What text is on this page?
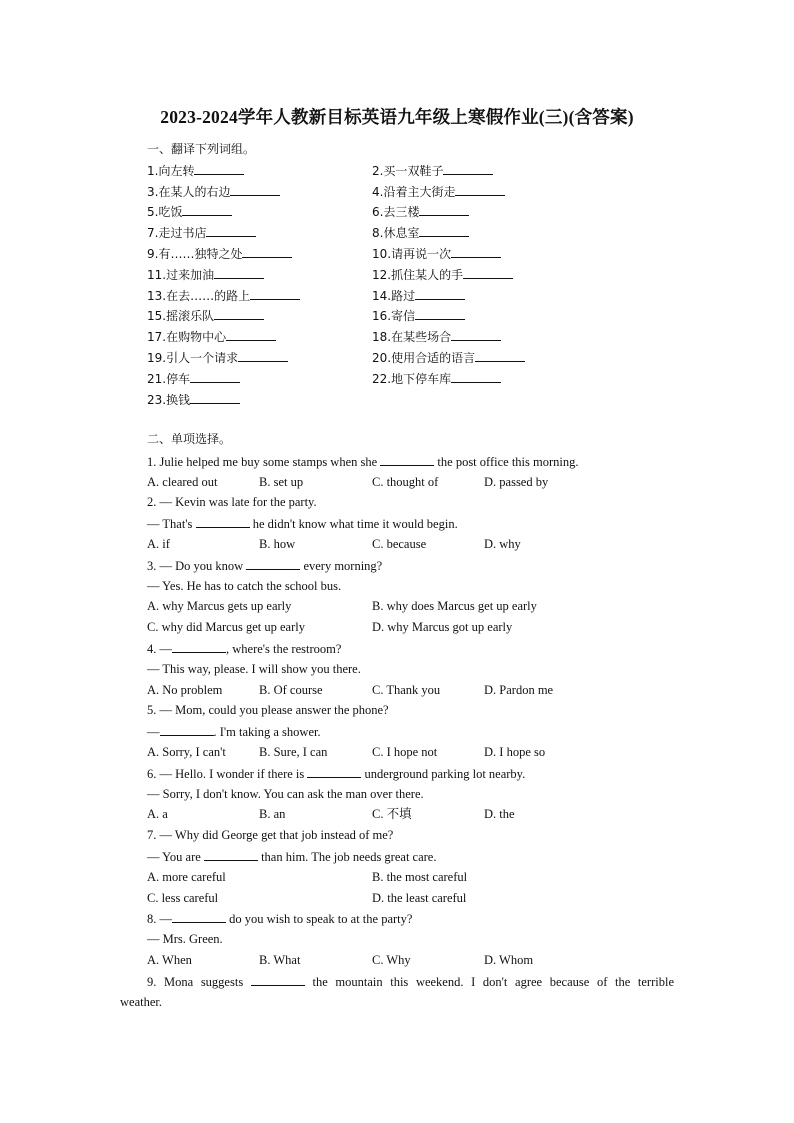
2023-2024学年人教新目标英语九年级上寒假作业(三)(含答案)
一、翻译下列词组。
1.向左转	2.买一双鞋子
3.在某人的右边	4.沿着主大街走
5.吃饭	6.去三楼
7.走过书店	8.休息室
9.有……独特之处	10.请再说一次
11.过来加油	12.抓住某人的手
13.在去……的路上	14.路过
15.摇滚乐队	16.寄信
17.在购物中心	18.在某些场合
19.引人一个请求	20.使用合适的语言
21.停车	22.地下停车库
23.换钱
二、单项选择。
1. Julie helped me buy some stamps when she	the post office this morning.
A. cleared out	B. set up	C. thought of	D. passed by
2. — Kevin was late for the party.
— That's	he didn't know what time it would begin.
A. if	B. how	C. because	D. why
3. — Do you know	every morning?
— Yes. He has to catch the school bus.
A. why Marcus gets up early	B. why does Marcus get up early
C. why did Marcus get up early	D. why Marcus got up early
4. —	, where's the restroom?
— This way, please. I will show you there.
A. No problem	B. Of course	C. Thank you	D. Pardon me
5. — Mom, could you please answer the phone?
—	. I'm taking a shower.
A. Sorry, I can't	B. Sure, I can	C. I hope not	D. I hope so
6. — Hello. I wonder if there is	underground parking lot nearby.
— Sorry, I don't know. You can ask the man over there.
A. a	B. an	C. 不填	D. the
7. — Why did George get that job instead of me?
— You are	than him. The job needs great care.
A. more careful	B. the most careful
C. less careful	D. the least careful
8. —	do you wish to speak to at the party?
— Mrs. Green.
A. When	B. What	C. Why	D. Whom
9. Mona suggests	the mountain this weekend. I don't agree because of the terrible
weather.
